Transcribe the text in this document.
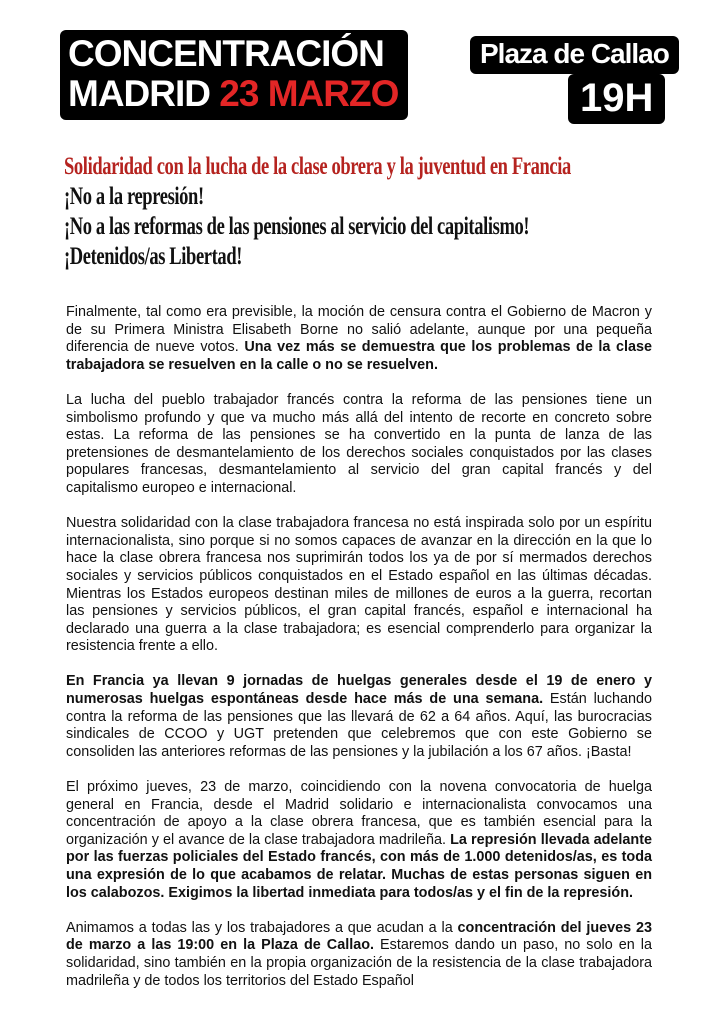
CONCENTRACIÓN
MADRID 23 MARZO
Plaza de Callao
19H
Solidaridad con la lucha de la clase obrera y la juventud en Francia
¡No a la represión!
¡No a las reformas de las pensiones al servicio del capitalismo!
¡Detenidos/as Libertad!

Finalmente, tal como era previsible, la moción de censura contra el Gobierno de Macron y de su Primera Ministra Elisabeth Borne no salió adelante, aunque por una pequeña diferencia de nueve votos. Una vez más se demuestra que los problemas de la clase trabajadora se resuelven en la calle o no se resuelven.

La lucha del pueblo trabajador francés contra la reforma de las pensiones tiene un simbolismo profundo y que va mucho más allá del intento de recorte en concreto sobre estas. La reforma de las pensiones se ha convertido en la punta de lanza de las pretensiones de desmantelamiento de los derechos sociales conquistados por las clases populares francesas, desmantelamiento al servicio del gran capital francés y del capitalismo europeo e internacional.

Nuestra solidaridad con la clase trabajadora francesa no está inspirada solo por un espíritu internacionalista, sino porque si no somos capaces de avanzar en la dirección en la que lo hace la clase obrera francesa nos suprimirán todos los ya de por sí mermados derechos sociales y servicios públicos conquistados en el Estado español en las últimas décadas. Mientras los Estados europeos destinan miles de millones de euros a la guerra, recortan las pensiones y servicios públicos, el gran capital francés, español e internacional ha declarado una guerra a la clase trabajadora; es esencial comprenderlo para organizar la resistencia frente a ello.

En Francia ya llevan 9 jornadas de huelgas generales desde el 19 de enero y numerosas huelgas espontáneas desde hace más de una semana. Están luchando contra la reforma de las pensiones que las llevará de 62 a 64 años. Aquí, las burocracias sindicales de CCOO y UGT pretenden que celebremos que con este Gobierno se consoliden las anteriores reformas de las pensiones y la jubilación a los 67 años. ¡Basta!

El próximo jueves, 23 de marzo, coincidiendo con la novena convocatoria de huelga general en Francia, desde el Madrid solidario e internacionalista convocamos una concentración de apoyo a la clase obrera francesa, que es también esencial para la organización y el avance de la clase trabajadora madrileña. La represión llevada adelante por las fuerzas policiales del Estado francés, con más de 1.000 detenidos/as, es toda una expresión de lo que acabamos de relatar. Muchas de estas personas siguen en los calabozos. Exigimos la libertad inmediata para todos/as y el fin de la represión.

Animamos a todas las y los trabajadores a que acudan a la concentración del jueves 23 de marzo a las 19:00 en la Plaza de Callao. Estaremos dando un paso, no solo en la solidaridad, sino también en la propia organización de la resistencia de la clase trabajadora madrileña y de todos los territorios del Estado Español
